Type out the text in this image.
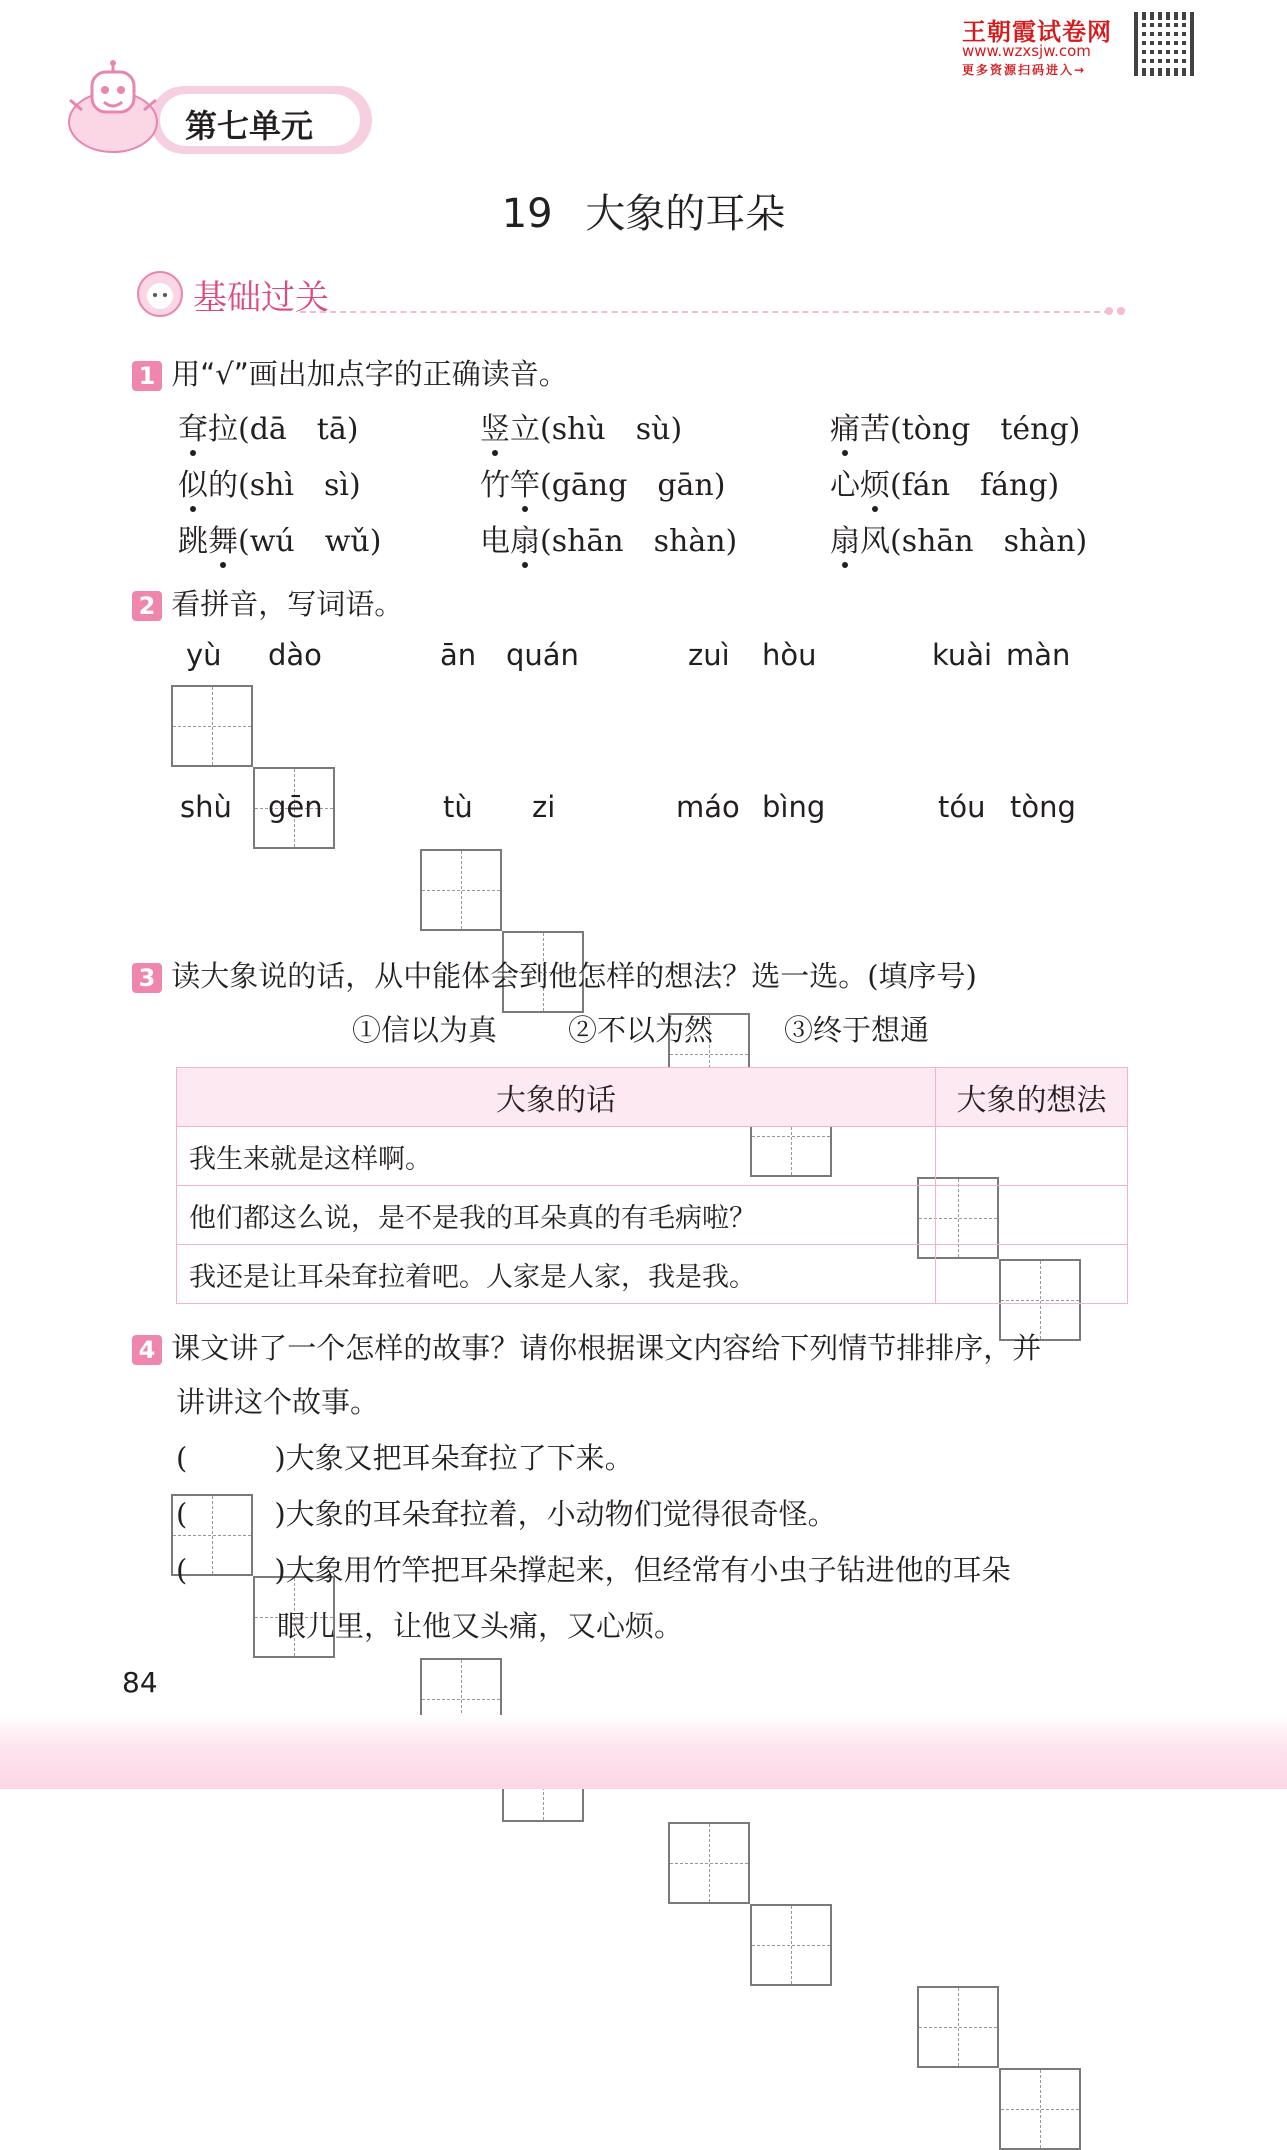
王朝霞试卷网
www.wzxsjw.com
更多资源扫码进入→
第七单元
19 大象的耳朵
基础过关
1 用“√”画出加点字的正确读音。
耷拉(dā　tā)	竖立(shù　sù)	痛苦(tòng　téng)
似的(shì　sì)	竹竿(gāng　gān)	心烦(fán　fáng)
跳舞(wú　wǔ)	电扇(shān　shàn)	扇风(shān　shàn)
2 看拼音，写词语。
yù dào	ān quán	zuì hòu	kuài màn
shù gēn	tù zi	máo bìng	tóu tòng
3 读大象说的话，从中能体会到他怎样的想法？选一选。(填序号)
①信以为真 ②不以为然 ③终于想通
大象的话	大象的想法
我生来就是这样啊。	
他们都这么说，是不是我的耳朵真的有毛病啦？	
我还是让耳朵耷拉着吧。人家是人家，我是我。	
4 课文讲了一个怎样的故事？请你根据课文内容给下列情节排排序，并
讲讲这个故事。
(　　　)大象又把耳朵耷拉了下来。
(　　　)大象的耳朵耷拉着，小动物们觉得很奇怪。
(　　　)大象用竹竿把耳朵撑起来，但经常有小虫子钻进他的耳朵
眼儿里，让他又头痛，又心烦。
84
